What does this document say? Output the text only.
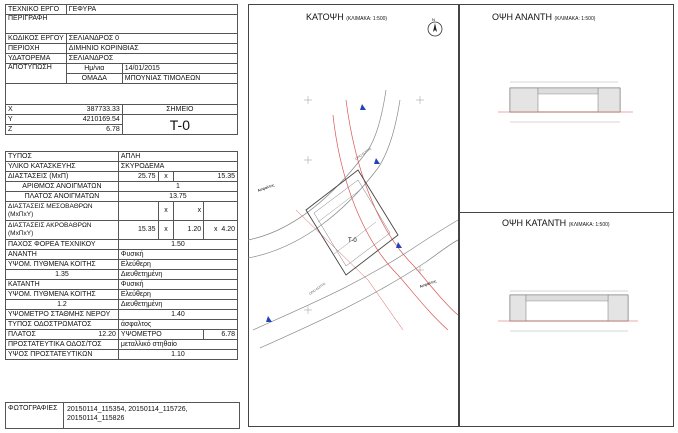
ΤΕΧΝΙΚΟ ΕΡΓΟ	ΓΕΦΥΡΑ	
ΠΕΡΙΓΡΑΦΗ		
ΚΩΔΙΚΟΣ ΕΡΓΟΥ	ΣΕΛΙΑΝΔΡΟΣ 0	
ΠΕΡΙΟΧΗ	ΔΙΜΗΝΙΟ ΚΟΡΙΝΘΙΑΣ	
ΥΔΑΤΟΡΕΜΑ	ΣΕΛΙΑΝΔΡΟΣ	
ΑΠΟΤΥΠΩΣΗ	Ημ/νια	14/01/2015
	ΟΜΑΔΑ	ΜΠΟΥΝΙΑΣ ΤΙΜΟΛΕΩΝ

X	387733.33	ΣΗΜΕΙΟ
Y	4210169.54	T-0
Z	6.78	
ΤΥΠΟΣ	ΑΠΛΗ			
ΥΛΙΚΟ ΚΑΤΑΣΚΕΥΗΣ	ΣΚΥΡΟΔΕΜΑ			
ΔΙΑΣΤΑΣΕΙΣ (ΜxΠ)	25.75	x	15.35	
ΑΡΙΘΜΟΣ ΑΝΟΙΓΜΑΤΩΝ	1			
ΠΛΑΤΟΣ ΑΝΟΙΓΜΑΤΩΝ	13.75			
ΔΙΑΣΤΑΣΕΙΣ ΜΕΣΟΒΑΘΡΩΝ (ΜxΠxΥ)		x	x	
ΔΙΑΣΤΑΣΕΙΣ ΑΚΡΟΒΑΘΡΩΝ (ΜxΠxΥ)	15.35	x	1.20	x 4.20
ΠΑΧΟΣ ΦΟΡΕΑ ΤΕΧΝΙΚΟΥ	1.50			
ΑΝΑΝΤΗ	Φυσική			
ΥΨΟΜ. ΠΥΘΜΕΝΑ ΚΟΙΤΗΣ	Ελεύθερη			
1.35	Διευθετημένη			
ΚΑΤΑΝΤΗ	Φυσική			
ΥΨΟΜ. ΠΥΘΜΕΝΑ ΚΟΙΤΗΣ	Ελεύθερη			
1.2	Διευθετημένη			
ΥΨΟΜΕΤΡΟ ΣΤΑΘΜΗΣ ΝΕΡΟΥ	1.40			
ΤΥΠΟΣ ΟΔΟΣΤΡΩΜΑΤΟΣ	άσφαλτος			
ΠΛΑΤΟΣ 12.20	ΥΨΟΜΕΤΡΟ			6.78
ΠΡΟΣΤΑΤΕΥΤΙΚΑ ΟΔΟΣ/ΤΟΣ	μεταλλικό στηθαίο			
ΥΨΟΣ ΠΡΟΣΤΑΤΕΥΤΙΚΩΝ	1.10			
ΦΩΤΟΓΡΑΦΙΕΣ	20150114_115354, 20150114_115726, 20150114_115826
ΚΑΤΟΨΗ (ΚΛΙΜΑΚΑ: 1:500)	ΟΨΗ ΑΝΑΝΤΗ (ΚΛΙΜΑΚΑ: 1:500)
ΟΨΗ ΚΑΤΑΝΤΗ (ΚΛΙΜΑΚΑ: 1:500)
N
T-0
Ασφαλτος
Ασφαλτος
ΟΡΙΟ ΚΟΙΤΗΣ
ΟΡΙΟ ΚΟΙΤΗΣ
